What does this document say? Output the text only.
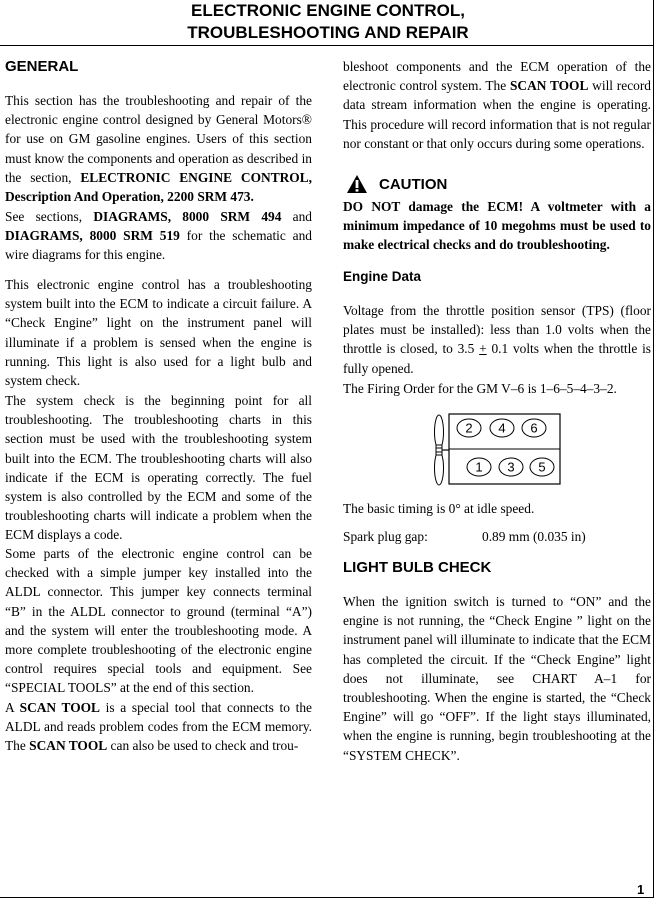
ELECTRONIC ENGINE CONTROL,
TROUBLESHOOTING AND REPAIR
GENERAL

This section has the troubleshooting and repair of the electronic engine control designed by General Motors® for use on GM gasoline engines. Users of this section must know the components and operation as described in the section, ELECTRONIC ENGINE CONTROL, Description And Operation, 2200 SRM 473.

See sections, DIAGRAMS, 8000 SRM 494 and DIAGRAMS, 8000 SRM 519 for the schematic and wire diagrams for this engine.

This electronic engine control has a troubleshooting system built into the ECM to indicate a circuit failure. A “Check Engine” light on the instrument panel will illuminate if a problem is sensed when the engine is running. This light is also used for a light bulb and system check.

The system check is the beginning point for all troubleshooting. The troubleshooting charts in this section must be used with the troubleshooting system built into the ECM. The troubleshooting charts will also indicate if the ECM is operating correctly. The fuel system is also controlled by the ECM and some of the troubleshooting charts will indicate a problem when the ECM displays a code.

Some parts of the electronic engine control can be checked with a simple jumper key installed into the ALDL connector. This jumper key connects terminal “B” in the ALDL connector to ground (terminal “A”) and the system will enter the troubleshooting mode. A more complete troubleshooting of the electronic engine control requires special tools and equipment. See “SPECIAL TOOLS” at the end of this section.

A SCAN TOOL is a special tool that connects to the ALDL and reads problem codes from the ECM memory. The SCAN TOOL can also be used to check and trou-

bleshoot components and the ECM operation of the electronic control system. The SCAN TOOL will record data stream information when the engine is operating. This procedure will record information that is not regular nor constant or that only occurs during some operations.

CAUTION
DO NOT damage the ECM! A voltmeter with a minimum impedance of 10 megohms must be used to make electrical checks and do troubleshooting.
Engine Data

Voltage from the throttle position sensor (TPS) (floor plates must be installed): less than 1.0 volts when the throttle is closed, to 3.5 + 0.1 volts when the throttle is fully opened.

The Firing Order for the GM V–6 is 1–6–5–4–3–2.

2 4 6
1 3 5

The basic timing is 0° at idle speed.

Spark plug gap:	0.89 mm (0.035 in)
LIGHT BULB CHECK

When the ignition switch is turned to “ON” and the engine is not running, the “Check Engine ” light on the instrument panel will illuminate to indicate that the ECM has completed the circuit. If the “Check Engine” light does not illuminate, see CHART A–1 for troubleshooting. When the engine is started, the “Check Engine” will go “OFF”. If the light stays illuminated, when the engine is running, begin troubleshooting at the “SYSTEM CHECK”.

1
